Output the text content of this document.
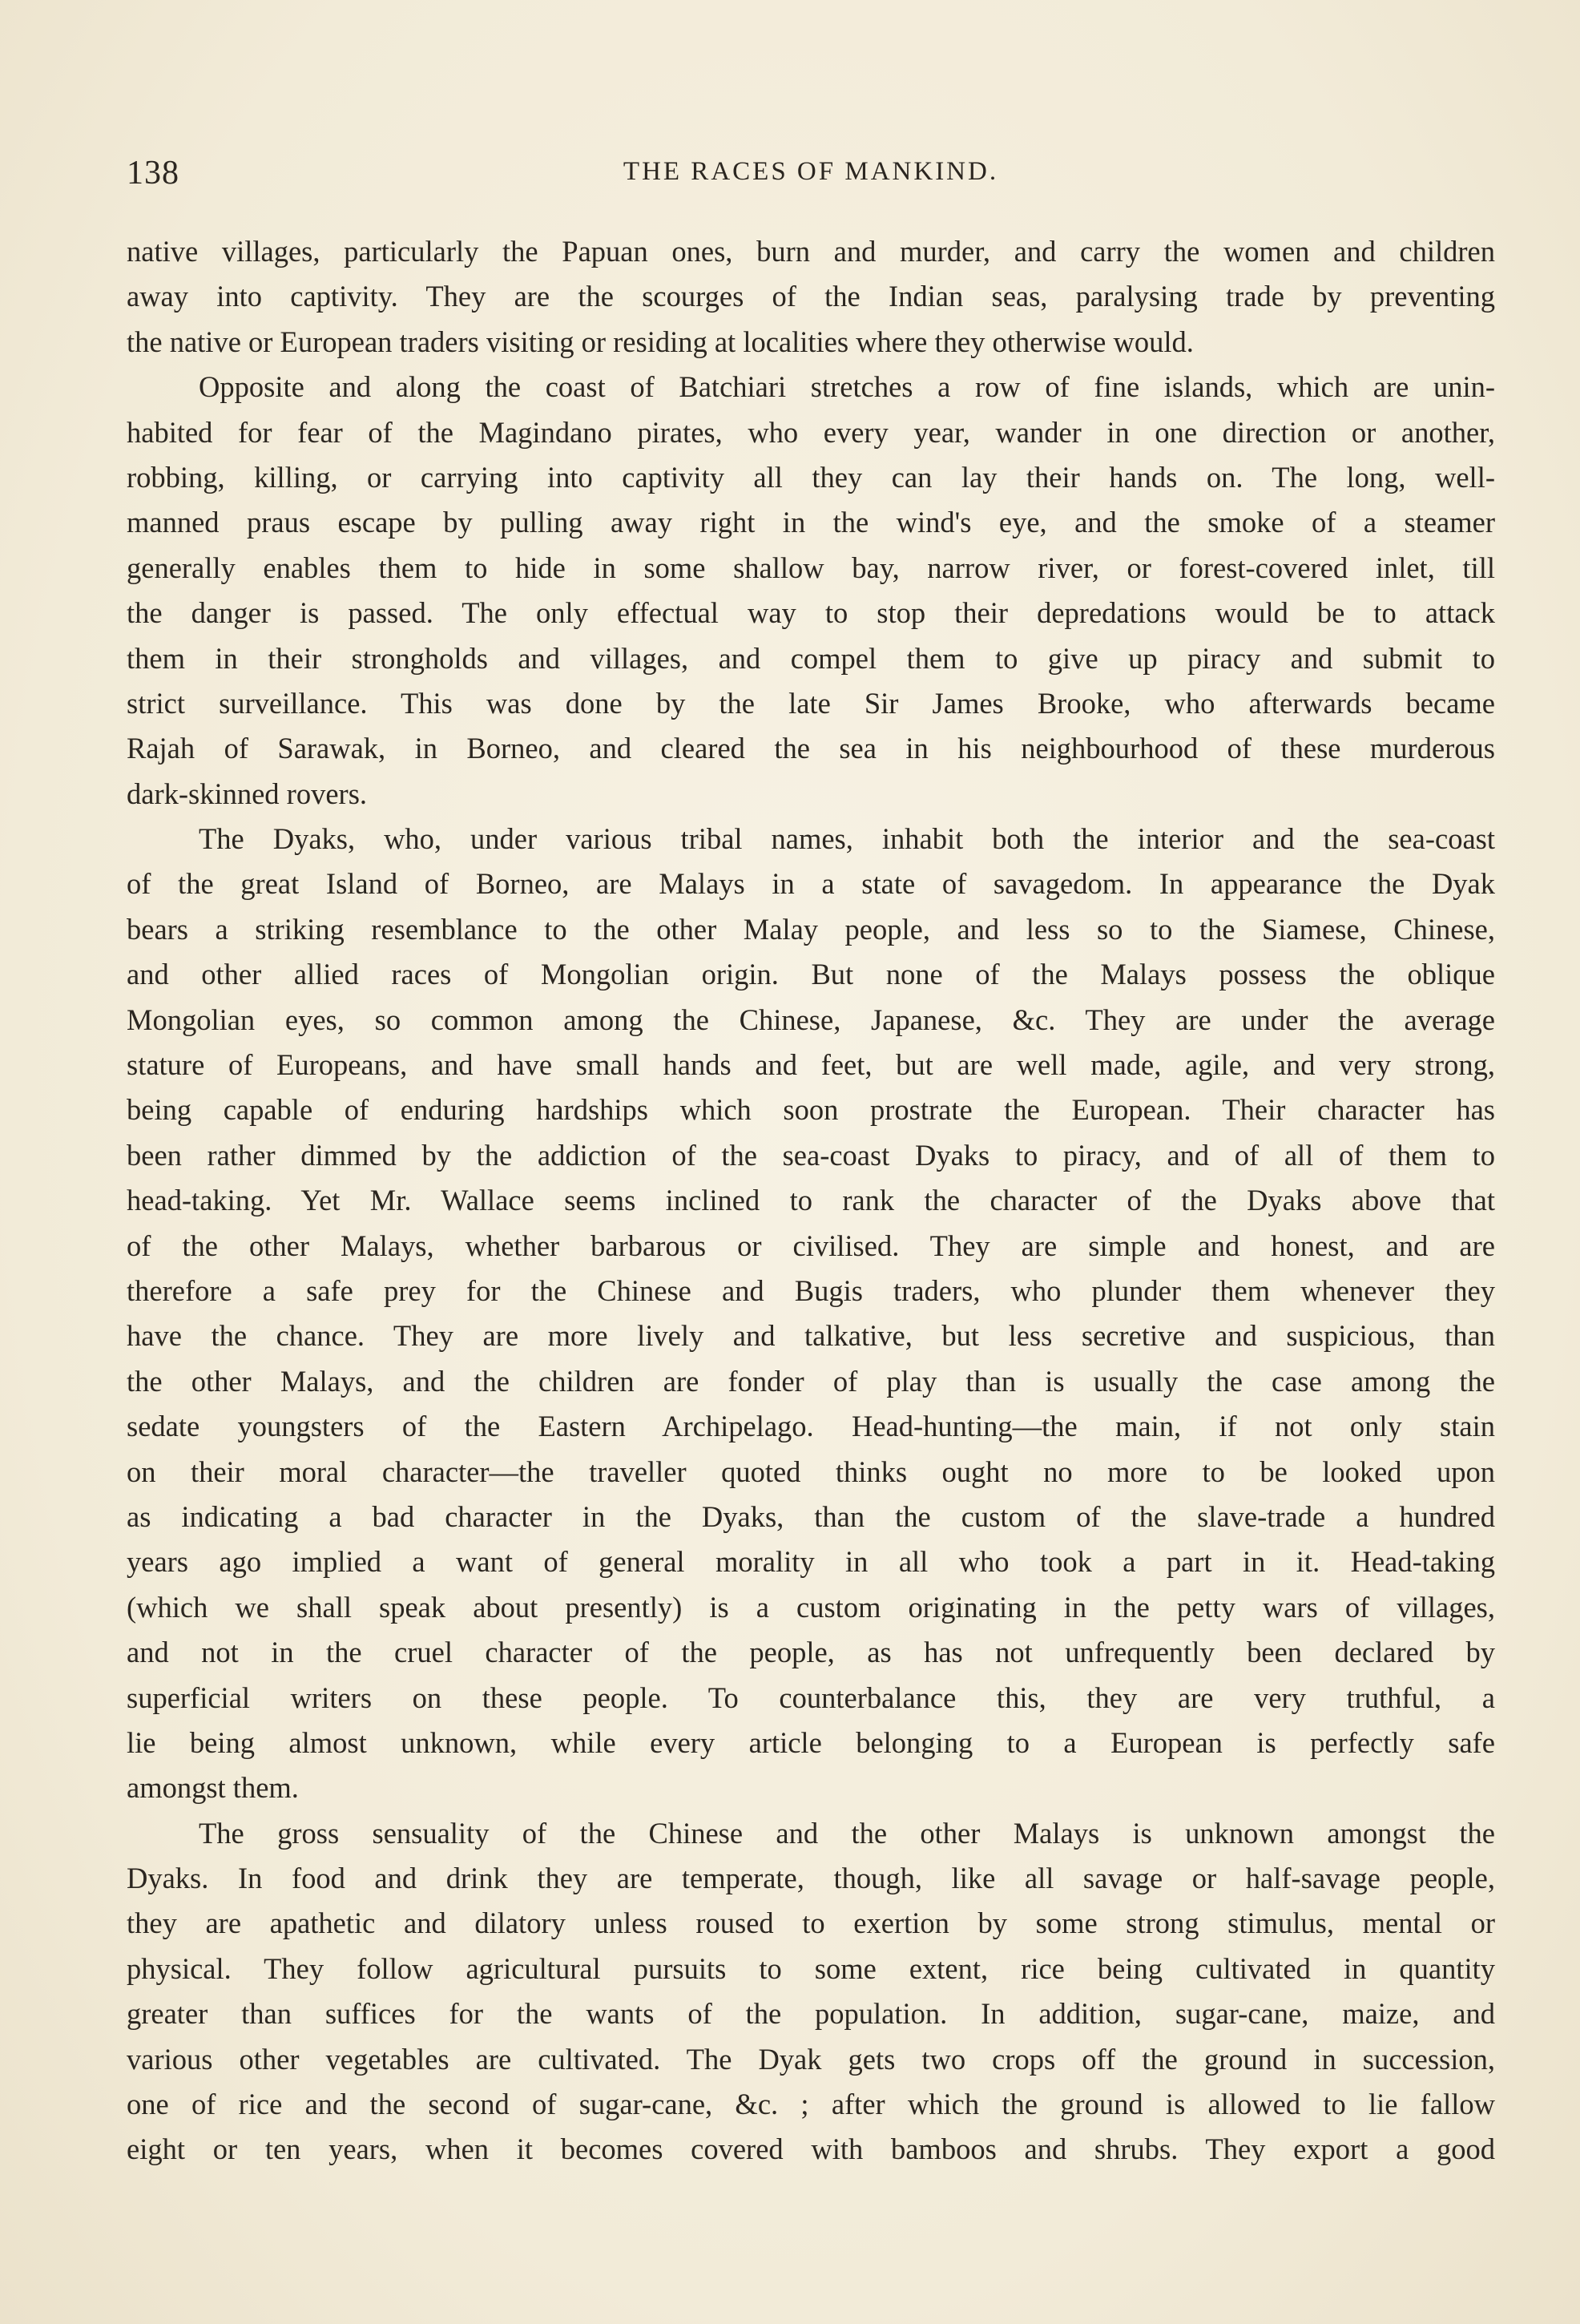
138	THE RACES OF MANKIND.
native villages, particularly the Papuan ones, burn and murder, and carry the women and children
away into captivity. They are the scourges of the Indian seas, paralysing trade by preventing
the native or European traders visiting or residing at localities where they otherwise would.
Opposite and along the coast of Batchiari stretches a row of fine islands, which are unin-
habited for fear of the Magindano pirates, who every year, wander in one direction or another,
robbing, killing, or carrying into captivity all they can lay their hands on. The long, well-
manned praus escape by pulling away right in the wind's eye, and the smoke of a steamer
generally enables them to hide in some shallow bay, narrow river, or forest-covered inlet, till
the danger is passed. The only effectual way to stop their depredations would be to attack
them in their strongholds and villages, and compel them to give up piracy and submit to
strict surveillance. This was done by the late Sir James Brooke, who afterwards became
Rajah of Sarawak, in Borneo, and cleared the sea in his neighbourhood of these murderous
dark-skinned rovers.
The Dyaks, who, under various tribal names, inhabit both the interior and the sea-coast
of the great Island of Borneo, are Malays in a state of savagedom. In appearance the Dyak
bears a striking resemblance to the other Malay people, and less so to the Siamese, Chinese,
and other allied races of Mongolian origin. But none of the Malays possess the oblique
Mongolian eyes, so common among the Chinese, Japanese, &c. They are under the average
stature of Europeans, and have small hands and feet, but are well made, agile, and very strong,
being capable of enduring hardships which soon prostrate the European. Their character has
been rather dimmed by the addiction of the sea-coast Dyaks to piracy, and of all of them to
head-taking. Yet Mr. Wallace seems inclined to rank the character of the Dyaks above that
of the other Malays, whether barbarous or civilised. They are simple and honest, and are
therefore a safe prey for the Chinese and Bugis traders, who plunder them whenever they
have the chance. They are more lively and talkative, but less secretive and suspicious, than
the other Malays, and the children are fonder of play than is usually the case among the
sedate youngsters of the Eastern Archipelago. Head-hunting—the main, if not only stain
on their moral character—the traveller quoted thinks ought no more to be looked upon
as indicating a bad character in the Dyaks, than the custom of the slave-trade a hundred
years ago implied a want of general morality in all who took a part in it. Head-taking
(which we shall speak about presently) is a custom originating in the petty wars of villages,
and not in the cruel character of the people, as has not unfrequently been declared by
superficial writers on these people. To counterbalance this, they are very truthful, a
lie being almost unknown, while every article belonging to a European is perfectly safe
amongst them.
The gross sensuality of the Chinese and the other Malays is unknown amongst the
Dyaks. In food and drink they are temperate, though, like all savage or half-savage people,
they are apathetic and dilatory unless roused to exertion by some strong stimulus, mental or
physical. They follow agricultural pursuits to some extent, rice being cultivated in quantity
greater than suffices for the wants of the population. In addition, sugar-cane, maize, and
various other vegetables are cultivated. The Dyak gets two crops off the ground in succession,
one of rice and the second of sugar-cane, &c. ; after which the ground is allowed to lie fallow
eight or ten years, when it becomes covered with bamboos and shrubs. They export a good
